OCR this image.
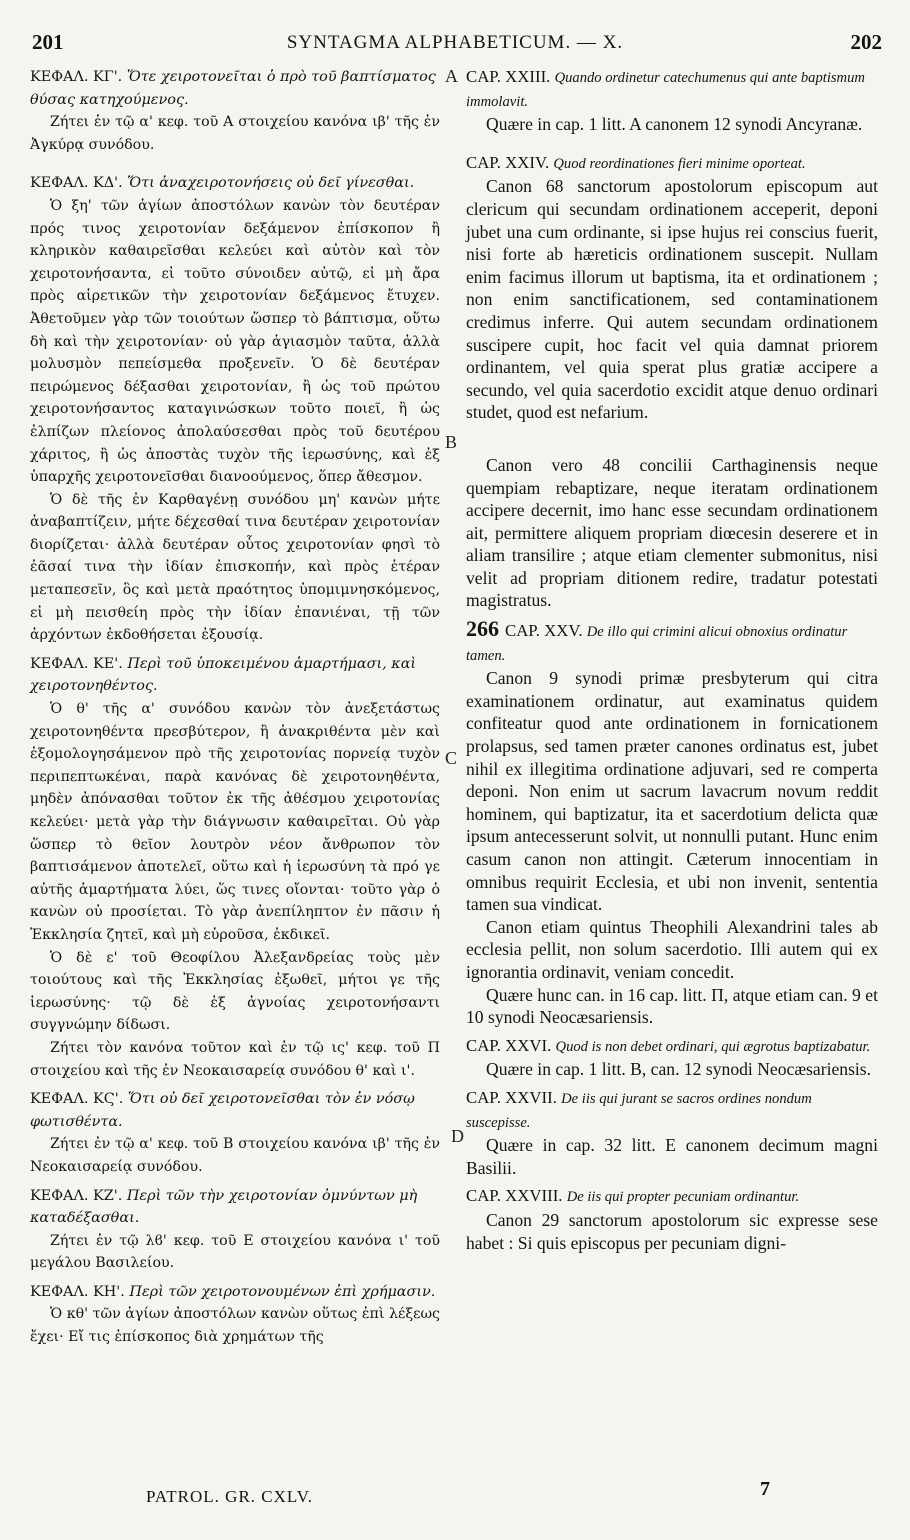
201	SYNTAGMA ALPHABETICUM. — X.	202

ΚΕΦΑΛ. ΚΓ'. Ὅτε χειροτονεῖται ὁ πρὸ τοῦ βαπτίσματος θύσας κατηχούμενος.

Ζήτει ἐν τῷ α' κεφ. τοῦ Α στοιχείου κανόνα ιβ' τῆς ἐν Ἀγκύρᾳ συνόδου.

ΚΕΦΑΛ. ΚΔ'. Ὅτι ἀναχειροτονήσεις οὐ δεῖ γίνεσθαι.

Ὁ ξη' τῶν ἁγίων ἀποστόλων κανὼν τὸν δευτέραν πρός τινος χειροτονίαν δεξάμενον ἐπίσκοπον ἢ κληρικὸν καθαιρεῖσθαι κελεύει καὶ αὐτὸν καὶ τὸν χειροτονήσαντα, εἰ τοῦτο σύνοιδεν αὐτῷ, εἰ μὴ ἄρα πρὸς αἱρετικῶν τὴν χειροτονίαν δεξάμενος ἔτυχεν. Ἀθετοῦμεν γὰρ τῶν τοιούτων ὥσπερ τὸ βάπτισμα, οὕτω δὴ καὶ τὴν χειροτονίαν· οὐ γὰρ ἁγιασμὸν ταῦτα, ἀλλὰ μολυσμὸν πεπείσμεθα προξενεῖν. Ὁ δὲ δευτέραν πειρώμενος δέξασθαι χειροτονίαν, ἢ ὡς τοῦ πρώτου χειροτονήσαντος καταγινώσκων τοῦτο ποιεῖ, ἢ ὡς ἐλπίζων πλείονος ἀπολαύσεσθαι πρὸς τοῦ δευτέρου χάριτος, ἢ ὡς ἀποστὰς τυχὸν τῆς ἱερωσύνης, καὶ ἐξ ὑπαρχῆς χειροτονεῖσθαι διανοούμενος, ὅπερ ἄθεσμον.

Ὁ δὲ τῆς ἐν Καρθαγένῃ συνόδου μη' κανὼν μήτε ἀναβαπτίζειν, μήτε δέχεσθαί τινα δευτέραν χειροτονίαν διορίζεται· ἀλλὰ δευτέραν οὗτος χειροτονίαν φησὶ τὸ ἐᾶσαί τινα τὴν ἰδίαν ἐπισκοπήν, καὶ πρὸς ἑτέραν μεταπεσεῖν, ὃς καὶ μετὰ πραότητος ὑπομιμνησκόμενος, εἰ μὴ πεισθείη πρὸς τὴν ἰδίαν ἐπανιέναι, τῇ τῶν ἀρχόντων ἐκδοθήσεται ἐξουσίᾳ.

ΚΕΦΑΛ. ΚΕ'. Περὶ τοῦ ὑποκειμένου ἁμαρτήμασι, καὶ χειροτονηθέντος.

Ὁ θ' τῆς α' συνόδου κανὼν τὸν ἀνεξετάστως χειροτονηθέντα πρεσβύτερον, ἢ ἀνακριθέντα μὲν καὶ ἐξομολογησάμενον πρὸ τῆς χειροτονίας πορνείᾳ τυχὸν περιπεπτωκέναι, παρὰ κανόνας δὲ χειροτονηθέντα, μηδὲν ἀπόνασθαι τοῦτον ἐκ τῆς ἀθέσμου χειροτονίας κελεύει· μετὰ γὰρ τὴν διάγνωσιν καθαιρεῖται. Οὐ γὰρ ὥσπερ τὸ θεῖον λουτρὸν νέον ἄνθρωπον τὸν βαπτισάμενον ἀποτελεῖ, οὕτω καὶ ἡ ἱερωσύνη τὰ πρό γε αὐτῆς ἁμαρτήματα λύει, ὥς τινες οἴονται· τοῦτο γὰρ ὁ κανὼν οὐ προσίεται. Τὸ γὰρ ἀνεπίληπτον ἐν πᾶσιν ἡ Ἐκκλησία ζητεῖ, καὶ μὴ εὑροῦσα, ἐκδικεῖ.

Ὁ δὲ ε' τοῦ Θεοφίλου Ἀλεξανδρείας τοὺς μὲν τοιούτους καὶ τῆς Ἐκκλησίας ἐξωθεῖ, μήτοι γε τῆς ἱερωσύνης· τῷ δὲ ἐξ ἀγνοίας χειροτονήσαντι συγγνώμην δίδωσι.

Ζήτει τὸν κανόνα τοῦτον καὶ ἐν τῷ ις' κεφ. τοῦ Π στοιχείου καὶ τῆς ἐν Νεοκαισαρείᾳ συνόδου θ' καὶ ι'.

ΚΕΦΑΛ. ΚϚ'. Ὅτι οὐ δεῖ χειροτονεῖσθαι τὸν ἐν νόσῳ φωτισθέντα.

Ζήτει ἐν τῷ α' κεφ. τοῦ Β στοιχείου κανόνα ιβ' τῆς ἐν Νεοκαισαρείᾳ συνόδου.

ΚΕΦΑΛ. ΚΖ'. Περὶ τῶν τὴν χειροτονίαν ὀμνύντων μὴ καταδέξασθαι.

Ζήτει ἐν τῷ λϐ' κεφ. τοῦ Ε στοιχείου κανόνα ι' τοῦ μεγάλου Βασιλείου.

ΚΕΦΑΛ. ΚΗ'. Περὶ τῶν χειροτονουμένων ἐπὶ χρήμασιν.

Ὁ κθ' τῶν ἁγίων ἀποστόλων κανὼν οὕτως ἐπὶ λέξεως ἔχει· Εἴ τις ἐπίσκοπος διὰ χρημάτων τῆς

A
B
C
D

CAP. XXIII. Quando ordinetur catechumenus qui ante baptismum immolavit.

Quære in cap. 1 litt. A canonem 12 synodi Ancyranæ.

CAP. XXIV. Quod reordinationes fieri minime oporteat.

Canon 68 sanctorum apostolorum episcopum aut clericum qui secundam ordinationem acceperit, deponi jubet una cum ordinante, si ipse hujus rei conscius fuerit, nisi forte ab hæreticis ordinationem suscepit. Nullam enim facimus illorum ut baptisma, ita et ordinationem ; non enim sanctificationem, sed contaminationem credimus inferre. Qui autem secundam ordinationem suscipere cupit, hoc facit vel quia damnat priorem ordinantem, vel quia sperat plus gratiæ accipere a secundo, vel quia sacerdotio excidit atque denuo ordinari studet, quod est nefarium.

Canon vero 48 concilii Carthaginensis neque quempiam rebaptizare, neque iteratam ordinationem accipere decernit, imo hanc esse secundam ordinationem ait, permittere aliquem propriam diœcesin deserere et in aliam transilire ; atque etiam clementer submonitus, nisi velit ad propriam ditionem redire, tradatur potestati magistratus.

266 CAP. XXV. De illo qui crimini alicui obnoxius ordinatur tamen.

Canon 9 synodi primæ presbyterum qui citra examinationem ordinatur, aut examinatus quidem confiteatur quod ante ordinationem in fornicationem prolapsus, sed tamen præter canones ordinatus est, jubet nihil ex illegitima ordinatione adjuvari, sed re comperta deponi. Non enim ut sacrum lavacrum novum reddit hominem, qui baptizatur, ita et sacerdotium delicta quæ ipsum antecesserunt solvit, ut nonnulli putant. Hunc enim casum canon non attingit. Cæterum innocentiam in omnibus requirit Ecclesia, et ubi non invenit, sententia tamen sua vindicat.

Canon etiam quintus Theophili Alexandrini tales ab ecclesia pellit, non solum sacerdotio. Illi autem qui ex ignorantia ordinavit, veniam concedit.

Quære hunc can. in 16 cap. litt. Π, atque etiam can. 9 et 10 synodi Neocæsariensis.

CAP. XXVI. Quod is non debet ordinari, qui ægrotus baptizabatur.

Quære in cap. 1 litt. B, can. 12 synodi Neocæsariensis.

CAP. XXVII. De iis qui jurant se sacros ordines nondum suscepisse.

Quære in cap. 32 litt. E canonem decimum magni Basilii.

CAP. XXVIII. De iis qui propter pecuniam ordinantur.

Canon 29 sanctorum apostolorum sic expresse sese habet : Si quis episcopus per pecuniam digni-

PATROL. GR. CXLV.	7
